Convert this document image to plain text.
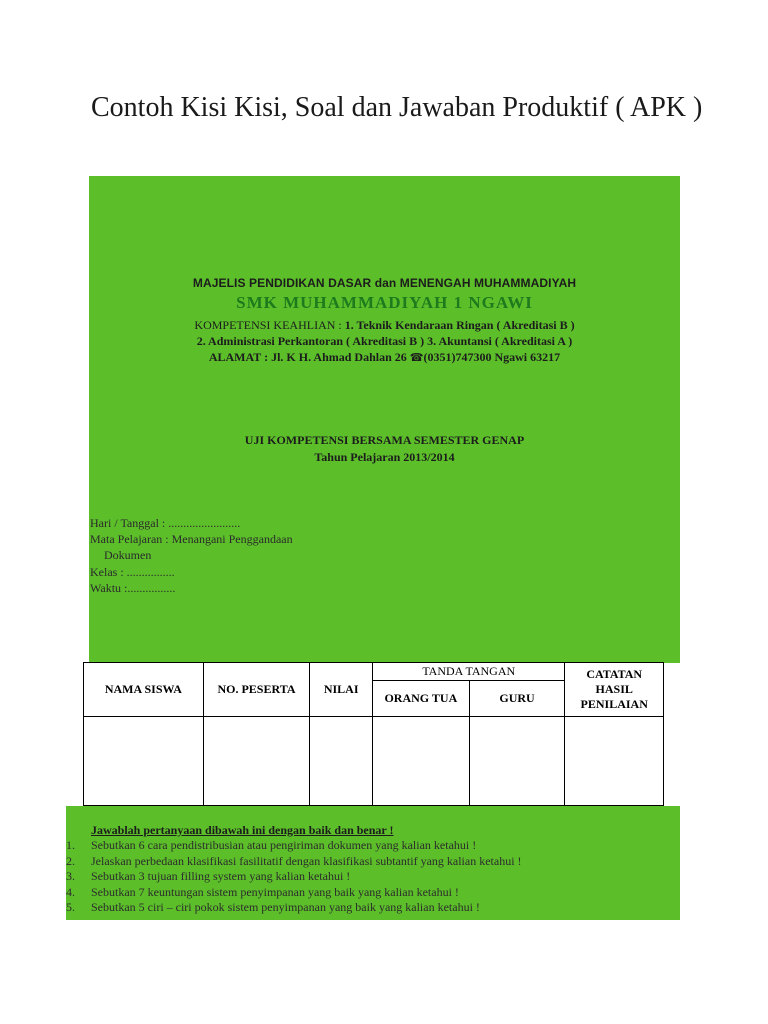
Contoh Kisi Kisi, Soal dan Jawaban Produktif ( APK )
MAJELIS PENDIDIKAN DASAR dan MENENGAH MUHAMMADIYAH
SMK MUHAMMADIYAH 1 NGAWI
KOMPETENSI KEAHLIAN : 1. Teknik Kendaraan Ringan ( Akreditasi B )
2. Administrasi Perkantoran ( Akreditasi B ) 3. Akuntansi ( Akreditasi A )
ALAMAT : Jl. K H. Ahmad Dahlan 26 ☎(0351)747300 Ngawi 63217
UJI KOMPETENSI BERSAMA SEMESTER GENAP
Tahun Pelajaran 2013/2014
Hari / Tanggal : ........................
Mata Pelajaran : Menangani Penggandaan
Dokumen
Kelas : ................
Waktu :................
NAMA SISWA	NO. PESERTA	NILAI	TANDA TANGAN		CATATAN HASIL PENILAIAN
			ORANG TUA	GURU	

Jawablah pertanyaan dibawah ini dengan baik dan benar !
1. Sebutkan 6 cara pendistribusian atau pengiriman dokumen yang kalian ketahui !
2. Jelaskan perbedaan klasifikasi fasilitatif dengan klasifikasi subtantif yang kalian ketahui !
3. Sebutkan 3 tujuan filling system yang kalian ketahui !
4. Sebutkan 7 keuntungan sistem penyimpanan yang baik yang kalian ketahui !
5. Sebutkan 5 ciri – ciri pokok sistem penyimpanan yang baik yang kalian ketahui !
